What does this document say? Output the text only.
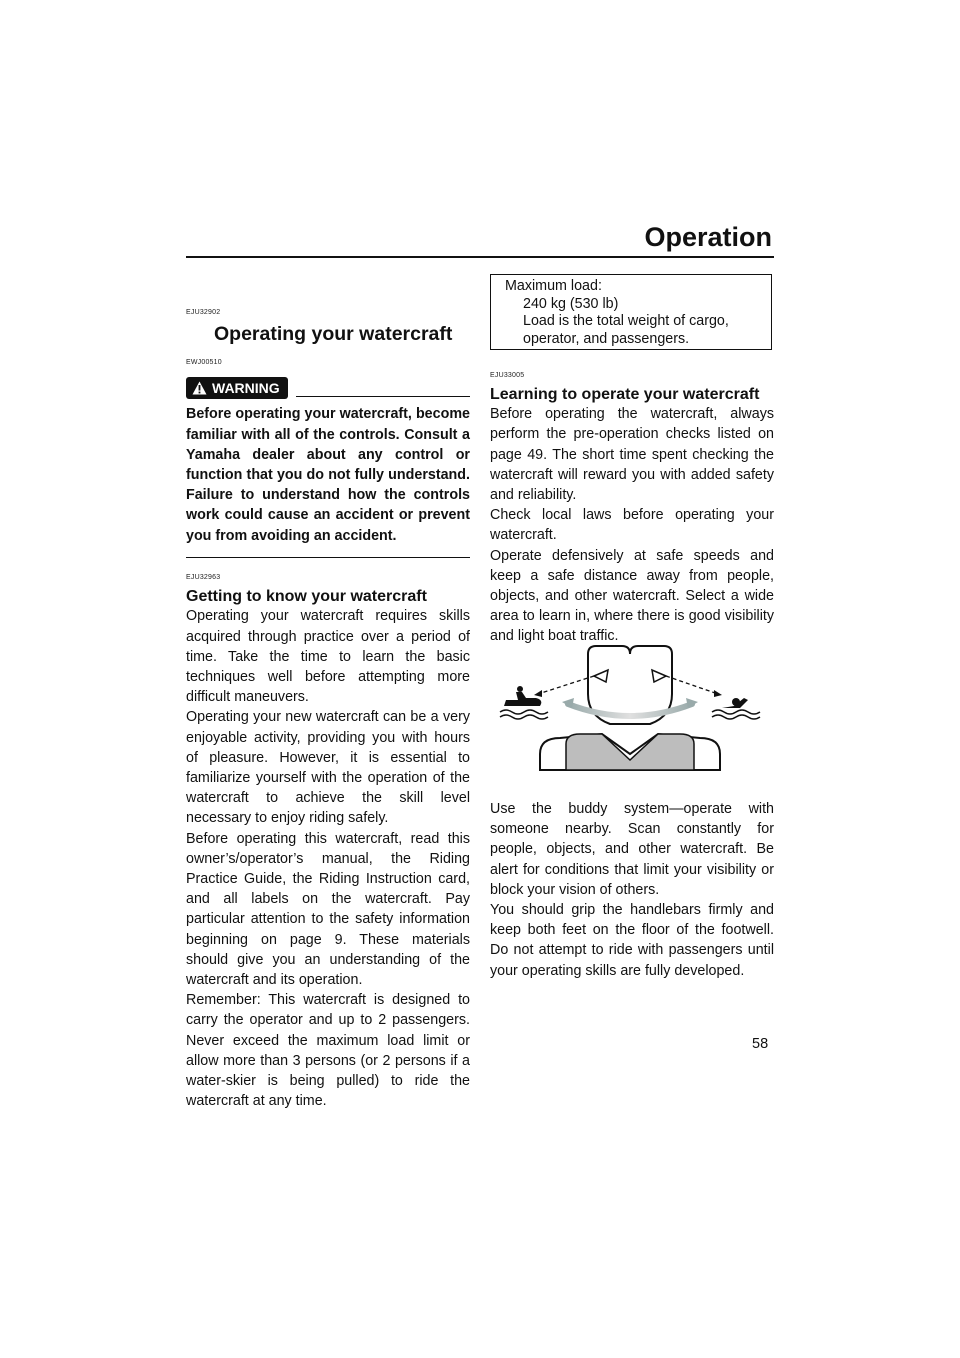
Operation
EJU32902
Operating your watercraft
EWJ00510
WARNING

Before operating your watercraft, become familiar with all of the controls. Consult a Yamaha dealer about any control or function that you do not fully understand. Failure to understand how the controls work could cause an accident or prevent you from avoiding an accident.

EJU32963
Getting to know your watercraft

Operating your watercraft requires skills acquired through practice over a period of time. Take the time to learn the basic techniques well before attempting more difficult maneuvers.

Operating your new watercraft can be a very enjoyable activity, providing you with hours of pleasure. However, it is essential to familiarize yourself with the operation of the watercraft to achieve the skill level necessary to enjoy riding safely.

Before operating this watercraft, read this owner’s/operator’s manual, the Riding Practice Guide, the Riding Instruction card, and all labels on the watercraft. Pay particular attention to the safety information beginning on page 9. These materials should give you an understanding of the watercraft and its operation.

Remember: This watercraft is designed to carry the operator and up to 2 passengers. Never exceed the maximum load limit or allow more than 3 persons (or 2 persons if a water-skier is being pulled) to ride the watercraft at any time.

Maximum load:
240 kg (530 lb)
Load is the total weight of cargo, operator, and passengers.
EJU33005
Learning to operate your watercraft

Before operating the watercraft, always perform the pre-operation checks listed on page 49. The short time spent checking the watercraft will reward you with added safety and reliability.

Check local laws before operating your watercraft.

Operate defensively at safe speeds and keep a safe distance away from people, objects, and other watercraft. Select a wide area to learn in, where there is good visibility and light boat traffic.

Use the buddy system—operate with someone nearby. Scan constantly for people, objects, and other watercraft. Be alert for conditions that limit your visibility or block your vision of others.

You should grip the handlebars firmly and keep both feet on the floor of the footwell. Do not attempt to ride with passengers until your operating skills are fully developed.

58
